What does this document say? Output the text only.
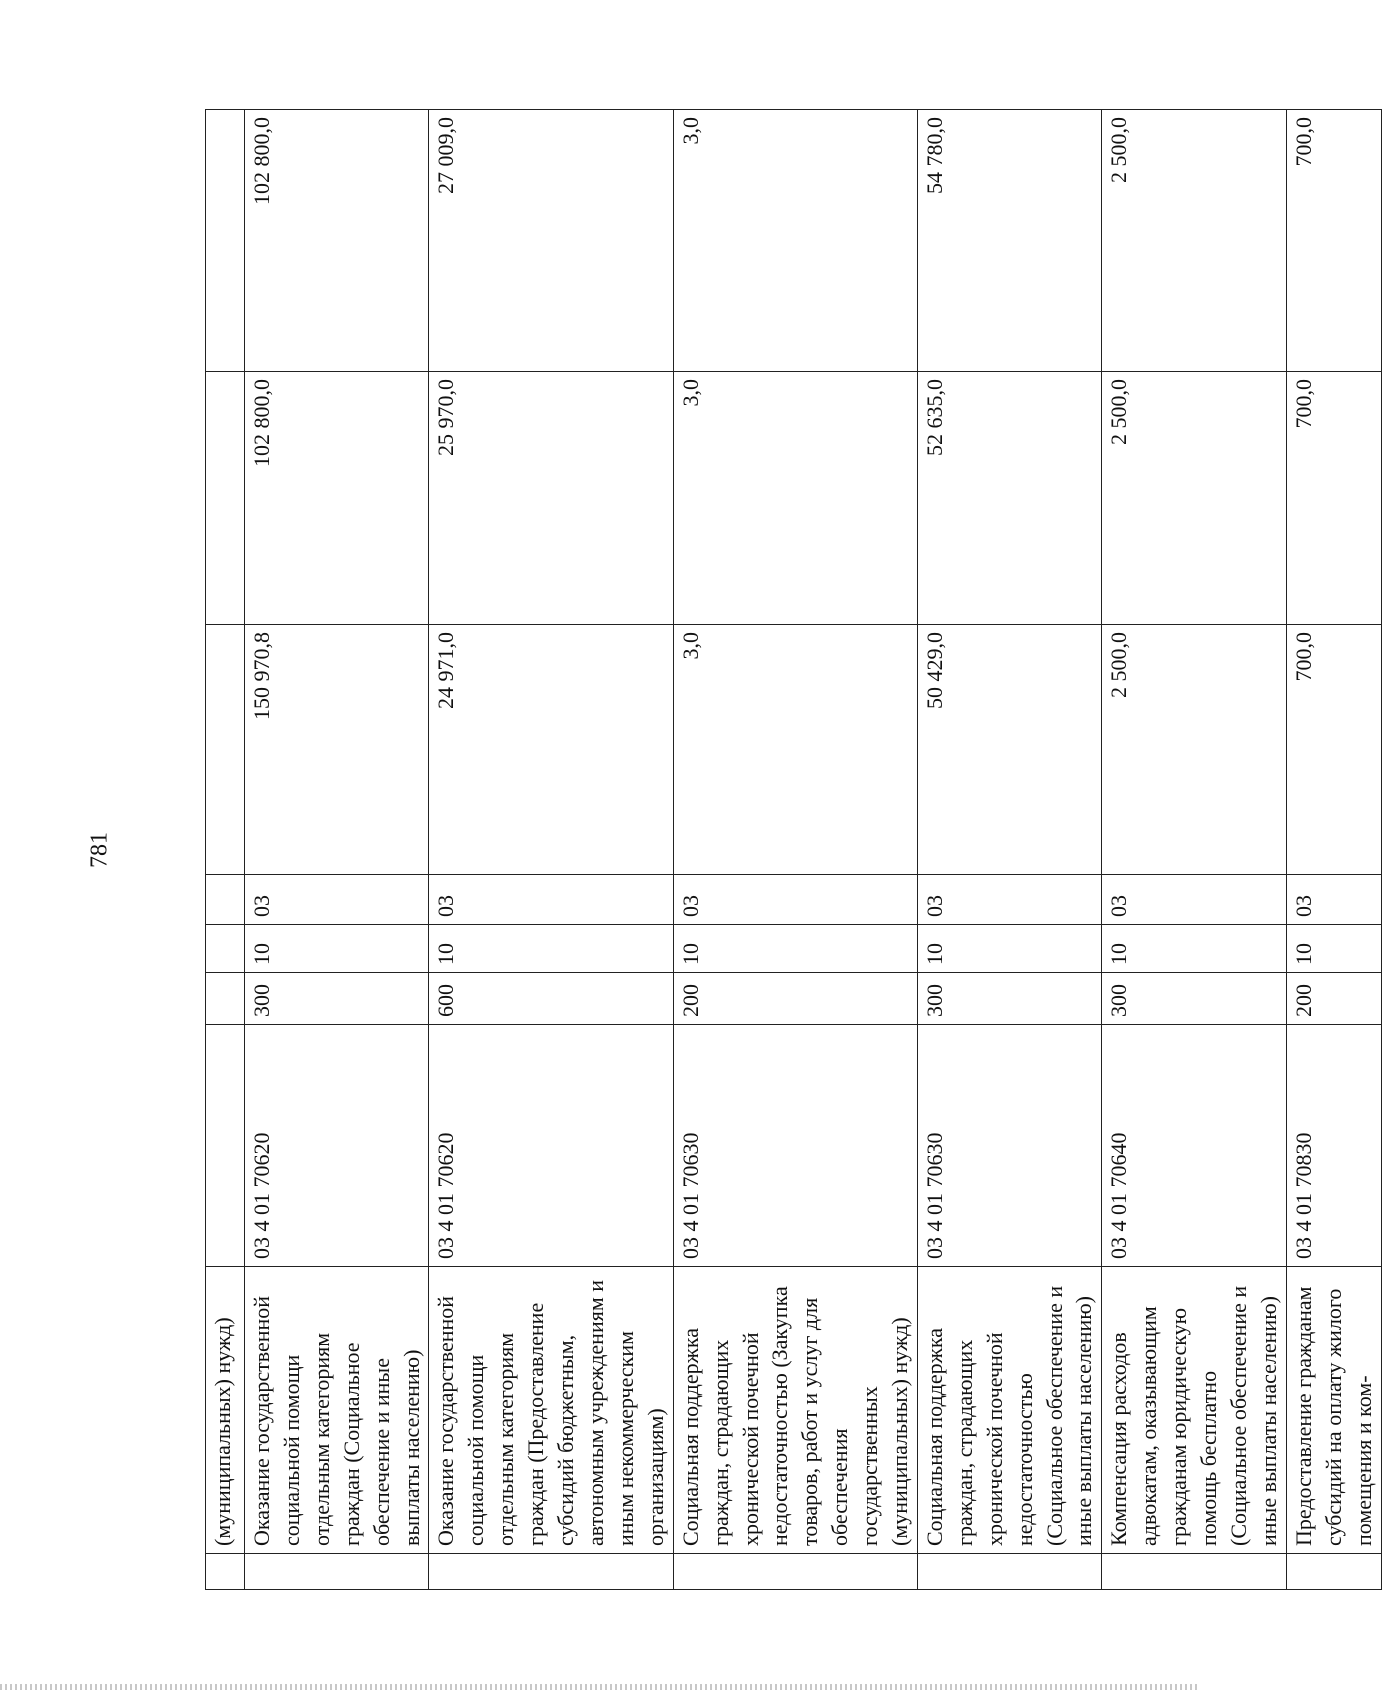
781
	(муниципальных) нужд)							
	Оказание государственной социальной помощи отдельным категориям граждан (Социальное обеспечение и иные выплаты населению)	03 4 01 70620	300	10	03	150 970,8	102 800,0	102 800,0
	Оказание государственной социальной помощи отдельным категориям граждан (Предоставление субсидий бюджетным, автономным учреждениям и иным некоммерческим организациям)	03 4 01 70620	600	10	03	24 971,0	25 970,0	27 009,0
	Социальная поддержка граждан, страдающих хронической почечной недостаточностью (Закупка товаров, работ и услуг для обеспечения государственных (муниципальных) нужд)	03 4 01 70630	200	10	03	3,0	3,0	3,0
	Социальная поддержка граждан, страдающих хронической почечной недостаточностью (Социальное обеспечение и иные выплаты населению)	03 4 01 70630	300	10	03	50 429,0	52 635,0	54 780,0
	Компенсация расходов адвокатам, оказывающим гражданам юридическую помощь бесплатно (Социальное обеспечение и иные выплаты населению)	03 4 01 70640	300	10	03	2 500,0	2 500,0	2 500,0
	Предоставление гражданам субсидий на оплату жилого помещения и ком-	03 4 01 70830	200	10	03	700,0	700,0	700,0
